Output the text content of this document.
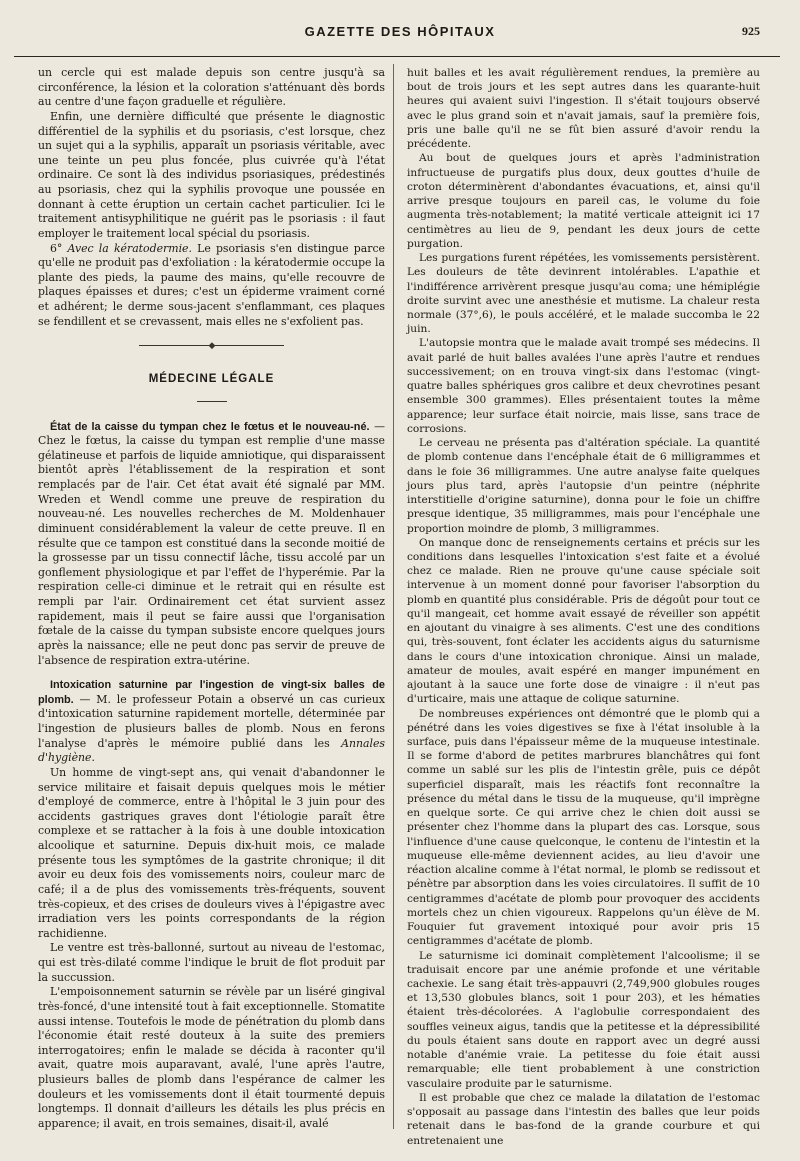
GAZETTE DES HÔPITAUX	925

un cercle qui est malade depuis son centre jusqu'à sa circonférence, la lésion et la coloration s'atténuant dès bords au centre d'une façon graduelle et régulière.

Enfin, une dernière difficulté que présente le diagnostic différentiel de la syphilis et du psoriasis, c'est lorsque, chez un sujet qui a la syphilis, apparaît un psoriasis véritable, avec une teinte un peu plus foncée, plus cuivrée qu'à l'état ordinaire. Ce sont là des individus psoriasiques, prédestinés au psoriasis, chez qui la syphilis provoque une poussée en donnant à cette éruption un certain cachet particulier. Ici le traitement antisyphilitique ne guérit pas le psoriasis : il faut employer le traitement local spécial du psoriasis.

6° Avec la kératodermie. Le psoriasis s'en distingue parce qu'elle ne produit pas d'exfoliation : la kératodermie occupe la plante des pieds, la paume des mains, qu'elle recouvre de plaques épaisses et dures; c'est un épiderme vraiment corné et adhérent; le derme sous-jacent s'enflammant, ces plaques se fendillent et se crevassent, mais elles ne s'exfolient pas.

◆
MÉDECINE LÉGALE

État de la caisse du tympan chez le fœtus et le nouveau-né. — Chez le fœtus, la caisse du tympan est remplie d'une masse gélatineuse et parfois de liquide amniotique, qui disparaissent bientôt après l'établissement de la respiration et sont remplacés par de l'air. Cet état avait été signalé par MM. Wreden et Wendl comme une preuve de respiration du nouveau-né. Les nouvelles recherches de M. Moldenhauer diminuent considérablement la valeur de cette preuve. Il en résulte que ce tampon est constitué dans la seconde moitié de la grossesse par un tissu connectif lâche, tissu accolé par un gonflement physiologique et par l'effet de l'hyperémie. Par la respiration celle-ci diminue et le retrait qui en résulte est rempli par l'air. Ordinairement cet état survient assez rapidement, mais il peut se faire aussi que l'organisation fœtale de la caisse du tympan subsiste encore quelques jours après la naissance; elle ne peut donc pas servir de preuve de l'absence de respiration extra-utérine.

Intoxication saturnine par l'ingestion de vingt-six balles de plomb. — M. le professeur Potain a observé un cas curieux d'intoxication saturnine rapidement mortelle, déterminée par l'ingestion de plusieurs balles de plomb. Nous en ferons l'analyse d'après le mémoire publié dans les Annales d'hygiène.

Un homme de vingt-sept ans, qui venait d'abandonner le service militaire et faisait depuis quelques mois le métier d'employé de commerce, entre à l'hôpital le 3 juin pour des accidents gastriques graves dont l'étiologie paraît être complexe et se rattacher à la fois à une double intoxication alcoolique et saturnine. Depuis dix-huit mois, ce malade présente tous les symptômes de la gastrite chronique; il dit avoir eu deux fois des vomissements noirs, couleur marc de café; il a de plus des vomissements très-fréquents, souvent très-copieux, et des crises de douleurs vives à l'épigastre avec irradiation vers les points correspondants de la région rachidienne.

Le ventre est très-ballonné, surtout au niveau de l'estomac, qui est très-dilaté comme l'indique le bruit de flot produit par la succussion.

L'empoisonnement saturnin se révèle par un liséré gingival très-foncé, d'une intensité tout à fait exceptionnelle. Stomatite aussi intense. Toutefois le mode de pénétration du plomb dans l'économie était resté douteux à la suite des premiers interrogatoires; enfin le malade se décida à raconter qu'il avait, quatre mois auparavant, avalé, l'une après l'autre, plusieurs balles de plomb dans l'espérance de calmer les douleurs et les vomissements dont il était tourmenté depuis longtemps. Il donnait d'ailleurs les détails les plus précis en apparence; il avait, en trois semaines, disait-il, avalé

huit balles et les avait régulièrement rendues, la première au bout de trois jours et les sept autres dans les quarante-huit heures qui avaient suivi l'ingestion. Il s'était toujours observé avec le plus grand soin et n'avait jamais, sauf la première fois, pris une balle qu'il ne se fût bien assuré d'avoir rendu la précédente.

Au bout de quelques jours et après l'administration infructueuse de purgatifs plus doux, deux gouttes d'huile de croton déterminèrent d'abondantes évacuations, et, ainsi qu'il arrive presque toujours en pareil cas, le volume du foie augmenta très-notablement; la matité verticale atteignit ici 17 centimètres au lieu de 9, pendant les deux jours de cette purgation.

Les purgations furent répétées, les vomissements persistèrent. Les douleurs de tête devinrent intolérables. L'apathie et l'indifférence arrivèrent presque jusqu'au coma; une hémiplégie droite survint avec une anesthésie et mutisme. La chaleur resta normale (37°,6), le pouls accéléré, et le malade succomba le 22 juin.

L'autopsie montra que le malade avait trompé ses médecins. Il avait parlé de huit balles avalées l'une après l'autre et rendues successivement; on en trouva vingt-six dans l'estomac (vingt-quatre balles sphériques gros calibre et deux chevrotines pesant ensemble 300 grammes). Elles présentaient toutes la même apparence; leur surface était noircie, mais lisse, sans trace de corrosions.

Le cerveau ne présenta pas d'altération spéciale. La quantité de plomb contenue dans l'encéphale était de 6 milligrammes et dans le foie 36 milligrammes. Une autre analyse faite quelques jours plus tard, après l'autopsie d'un peintre (néphrite interstitielle d'origine saturnine), donna pour le foie un chiffre presque identique, 35 milligrammes, mais pour l'encéphale une proportion moindre de plomb, 3 milligrammes.

On manque donc de renseignements certains et précis sur les conditions dans lesquelles l'intoxication s'est faite et a évolué chez ce malade. Rien ne prouve qu'une cause spéciale soit intervenue à un moment donné pour favoriser l'absorption du plomb en quantité plus considérable. Pris de dégoût pour tout ce qu'il mangeait, cet homme avait essayé de réveiller son appétit en ajoutant du vinaigre à ses aliments. C'est une des conditions qui, très-souvent, font éclater les accidents aigus du saturnisme dans le cours d'une intoxication chronique. Ainsi un malade, amateur de moules, avait espéré en manger impunément en ajoutant à la sauce une forte dose de vinaigre : il n'eut pas d'urticaire, mais une attaque de colique saturnine.

De nombreuses expériences ont démontré que le plomb qui a pénétré dans les voies digestives se fixe à l'état insoluble à la surface, puis dans l'épaisseur même de la muqueuse intestinale. Il se forme d'abord de petites marbrures blanchâtres qui font comme un sablé sur les plis de l'intestin grêle, puis ce dépôt superficiel disparaît, mais les réactifs font reconnaître la présence du métal dans le tissu de la muqueuse, qu'il imprègne en quelque sorte. Ce qui arrive chez le chien doit aussi se présenter chez l'homme dans la plupart des cas. Lorsque, sous l'influence d'une cause quelconque, le contenu de l'intestin et la muqueuse elle-même deviennent acides, au lieu d'avoir une réaction alcaline comme à l'état normal, le plomb se redissout et pénètre par absorption dans les voies circulatoires. Il suffit de 10 centigrammes d'acétate de plomb pour provoquer des accidents mortels chez un chien vigoureux. Rappelons qu'un élève de M. Fouquier fut gravement intoxiqué pour avoir pris 15 centigrammes d'acétate de plomb.

Le saturnisme ici dominait complètement l'alcoolisme; il se traduisait encore par une anémie profonde et une véritable cachexie. Le sang était très-appauvri (2,749,900 globules rouges et 13,530 globules blancs, soit 1 pour 203), et les hématies étaient très-décolorées. A l'aglobulie correspondaient des souffles veineux aigus, tandis que la petitesse et la dépressibilité du pouls étaient sans doute en rapport avec un degré aussi notable d'anémie vraie. La petitesse du foie était aussi remarquable; elle tient probablement à une constriction vasculaire produite par le saturnisme.

Il est probable que chez ce malade la dilatation de l'estomac s'opposait au passage dans l'intestin des balles que leur poids retenait dans le bas-fond de la grande courbure et qui entretenaient une
